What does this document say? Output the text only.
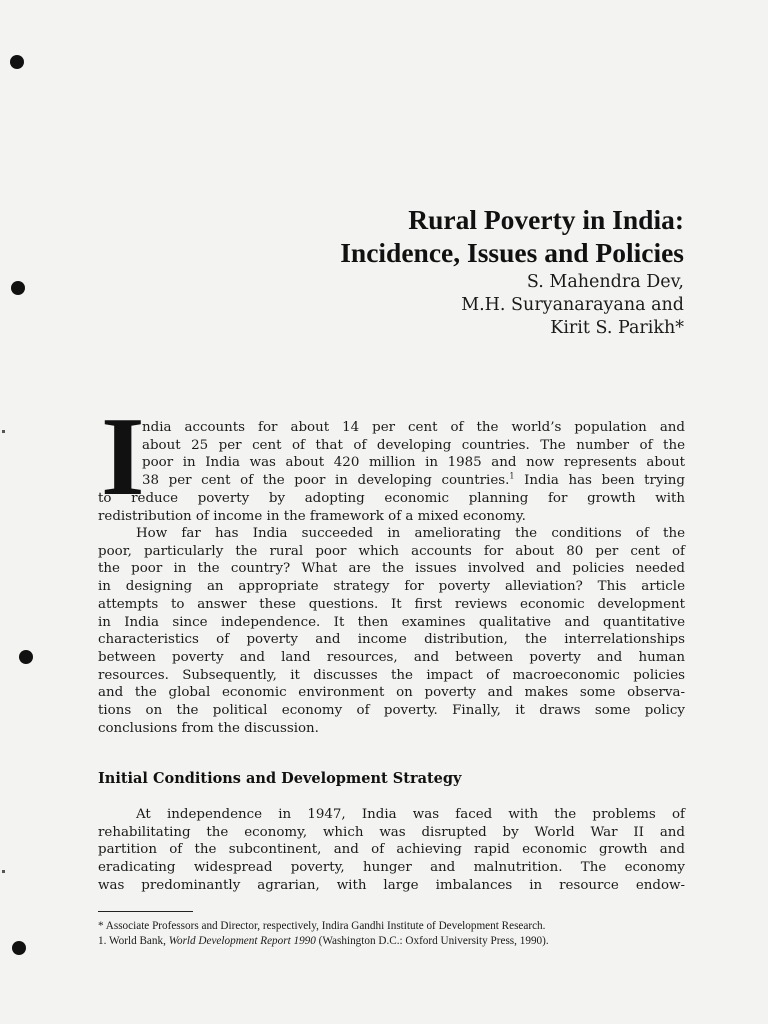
Rural Poverty in India:
Incidence, Issues and Policies
S. Mahendra Dev,
M.H. Suryanarayana and
Kirit S. Parikh*
I
ndia accounts for about 14 per cent of the world’s population and
about 25 per cent of that of developing countries. The number of the
poor in India was about 420 million in 1985 and now represents about
38 per cent of the poor in developing countries.$^1$ India has been trying
to reduce poverty by adopting economic planning for growth with
redistribution of income in the framework of a mixed economy.
How far has India succeeded in ameliorating the conditions of the
poor, particularly the rural poor which accounts for about 80 per cent of
the poor in the country? What are the issues involved and policies needed
in designing an appropriate strategy for poverty alleviation? This article
attempts to answer these questions. It first reviews economic development
in India since independence. It then examines qualitative and quantitative
characteristics of poverty and income distribution, the interrelationships
between poverty and land resources, and between poverty and human
resources. Subsequently, it discusses the impact of macroeconomic policies
and the global economic environment on poverty and makes some observa-
tions on the political economy of poverty. Finally, it draws some policy
conclusions from the discussion.
Initial Conditions and Development Strategy
At independence in 1947, India was faced with the problems of
rehabilitating the economy, which was disrupted by World War II and
partition of the subcontinent, and of achieving rapid economic growth and
eradicating widespread poverty, hunger and malnutrition. The economy
was predominantly agrarian, with large imbalances in resource endow-
* Associate Professors and Director, respectively, Indira Gandhi Institute of Development Research.
1. World Bank, World Development Report 1990 (Washington D.C.: Oxford University Press, 1990).
